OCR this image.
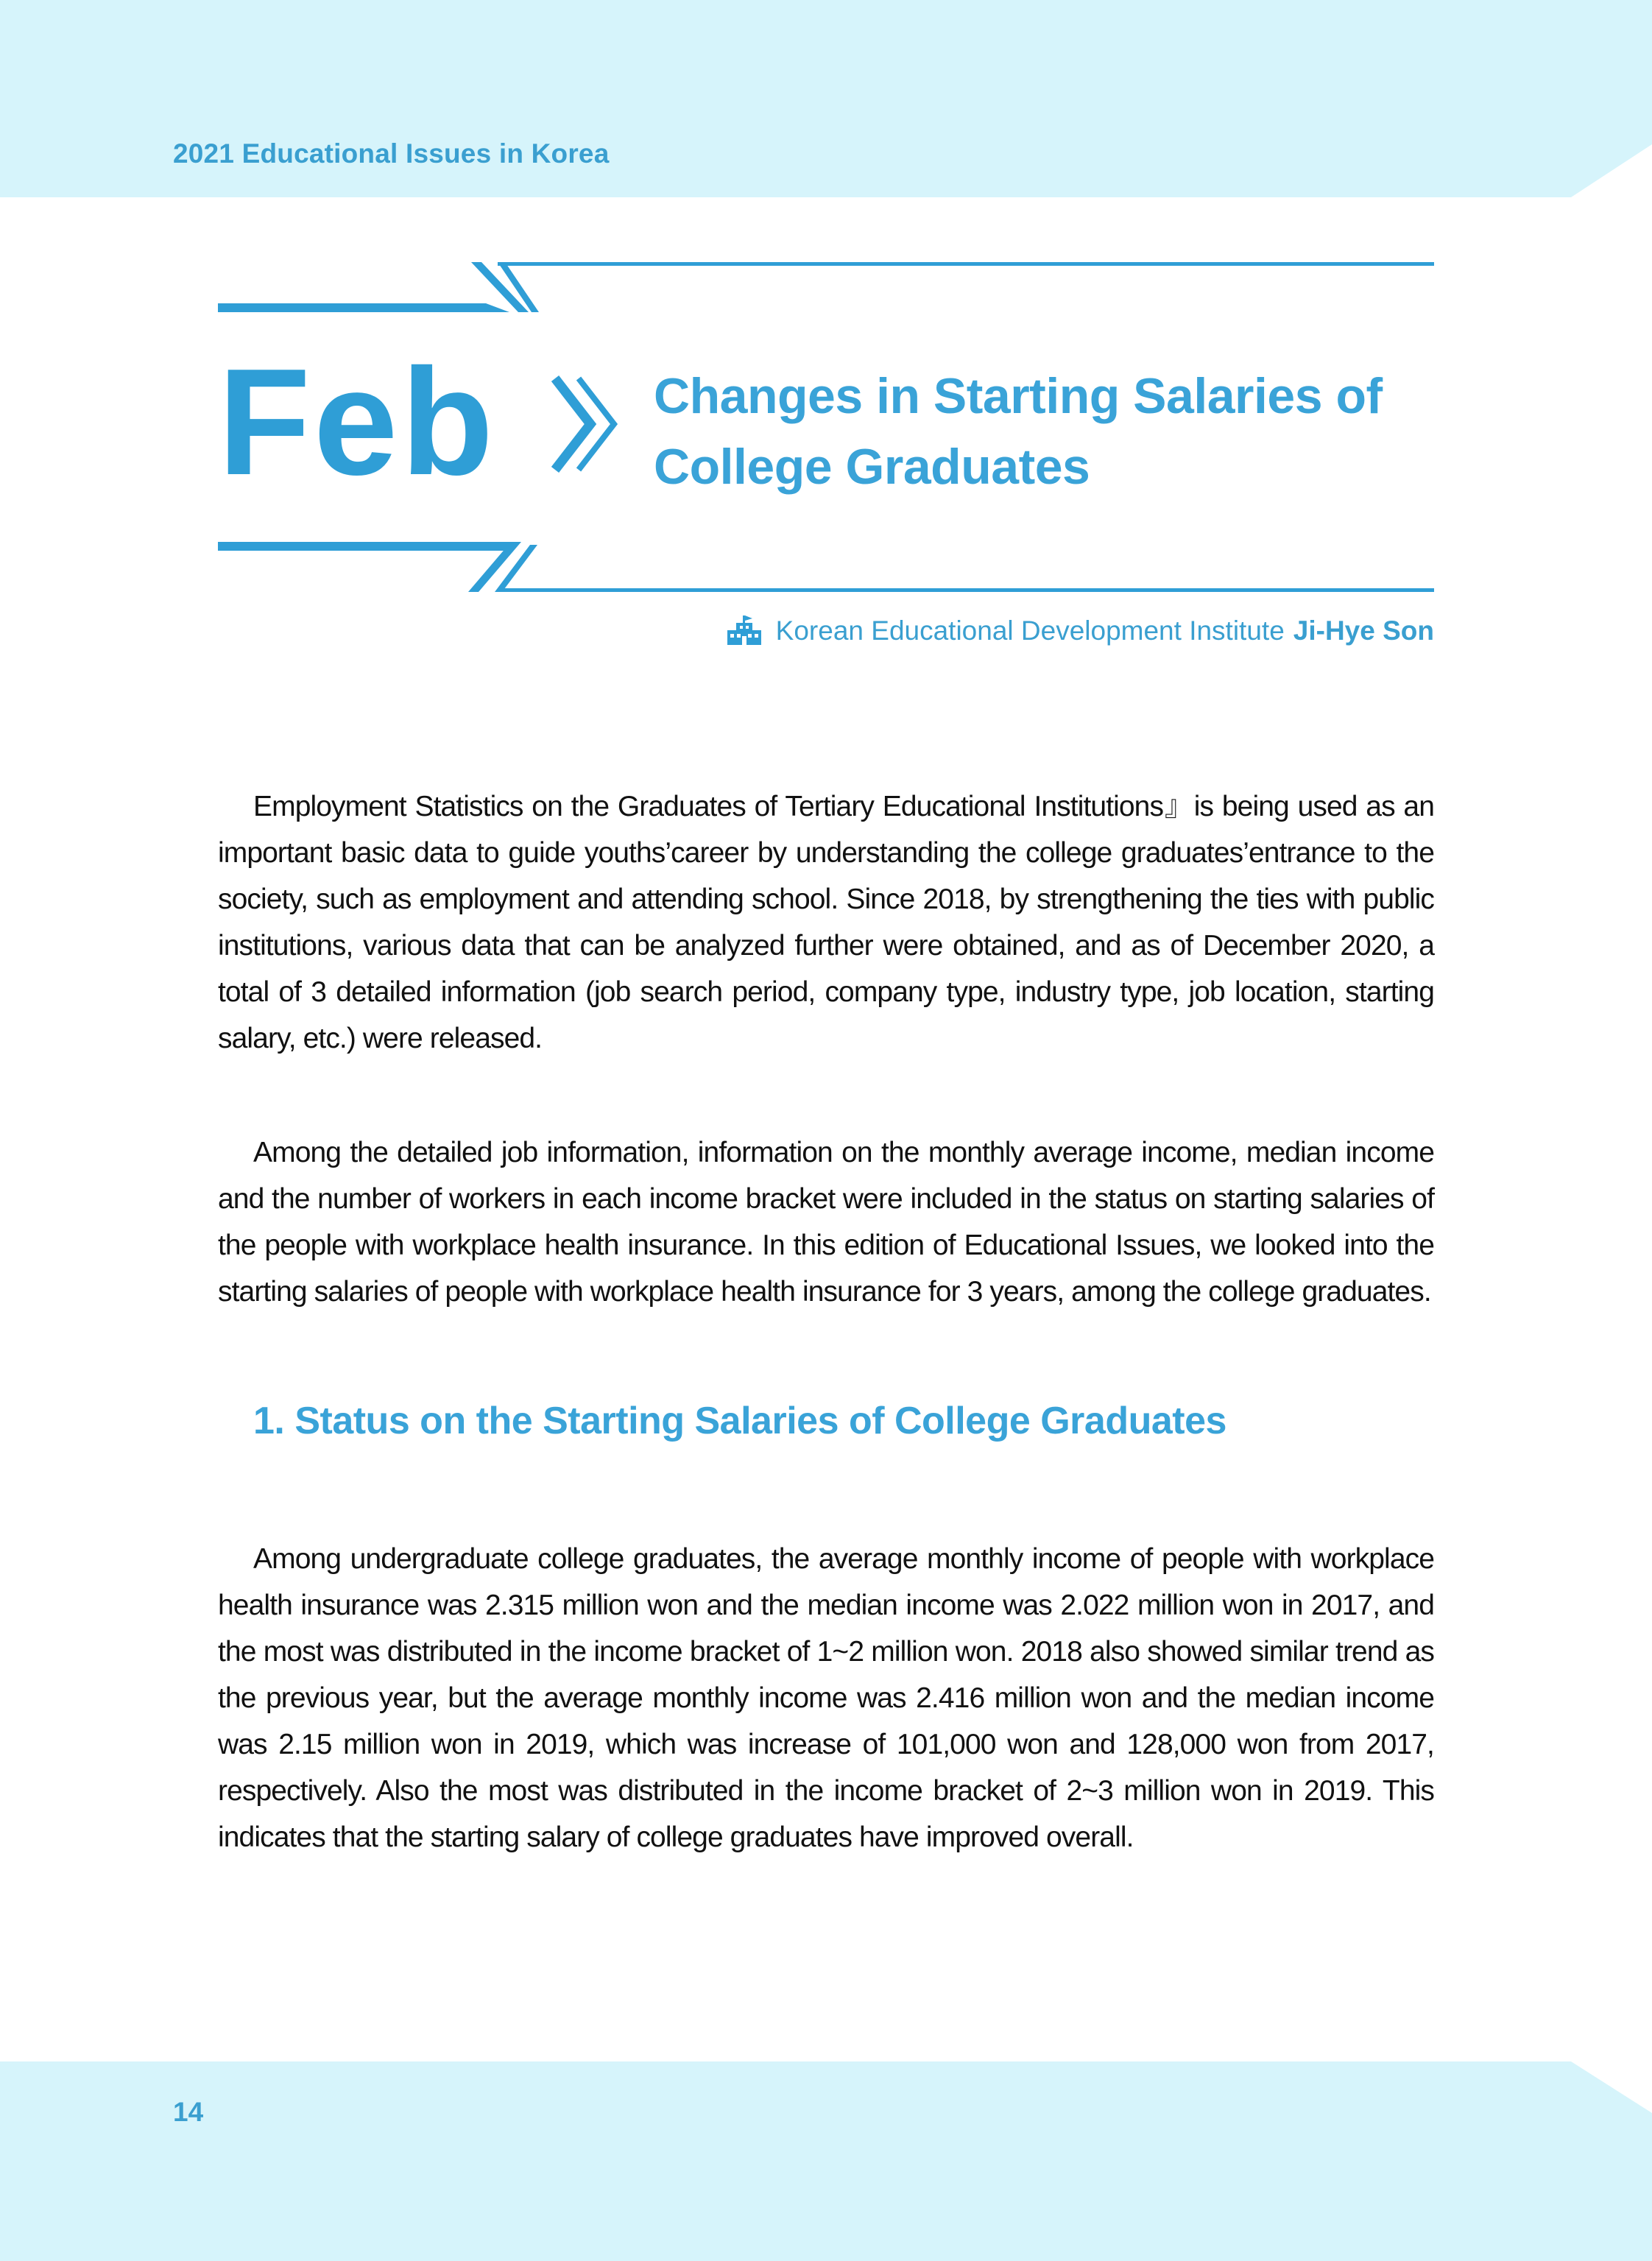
2021 Educational Issues in Korea
Feb	Changes in Starting Salaries of
College Graduates
Korean Educational Development Institute Ji-Hye Son

Employment Statistics on the Graduates of Tertiary Educational Institutions』is being used as an important basic data to guide youths’career by understanding the college graduates’entrance to the society, such as employment and attending school. Since 2018, by strengthening the ties with public institutions, various data that can be analyzed further were obtained, and as of December 2020, a total of 3 detailed information (job search period, company type, industry type, job location, starting salary, etc.) were released.

Among the detailed job information, information on the monthly average income, median income and the number of workers in each income bracket were included in the status on starting salaries of the people with workplace health insurance. In this edition of Educational Issues, we looked into the starting salaries of people with workplace health insurance for 3 years, among the college graduates.

1. Status on the Starting Salaries of College Graduates

Among undergraduate college graduates, the average monthly income of people with workplace health insurance was 2.315 million won and the median income was 2.022 million won in 2017, and the most was distributed in the income bracket of 1~2 million won. 2018 also showed similar trend as the previous year, but the average monthly income was 2.416 million won and the median income was 2.15 million won in 2019, which was increase of 101,000 won and 128,000 won from 2017, respectively. Also the most was distributed in the income bracket of 2~3 million won in 2019. This indicates that the starting salary of college graduates have improved overall.

14
